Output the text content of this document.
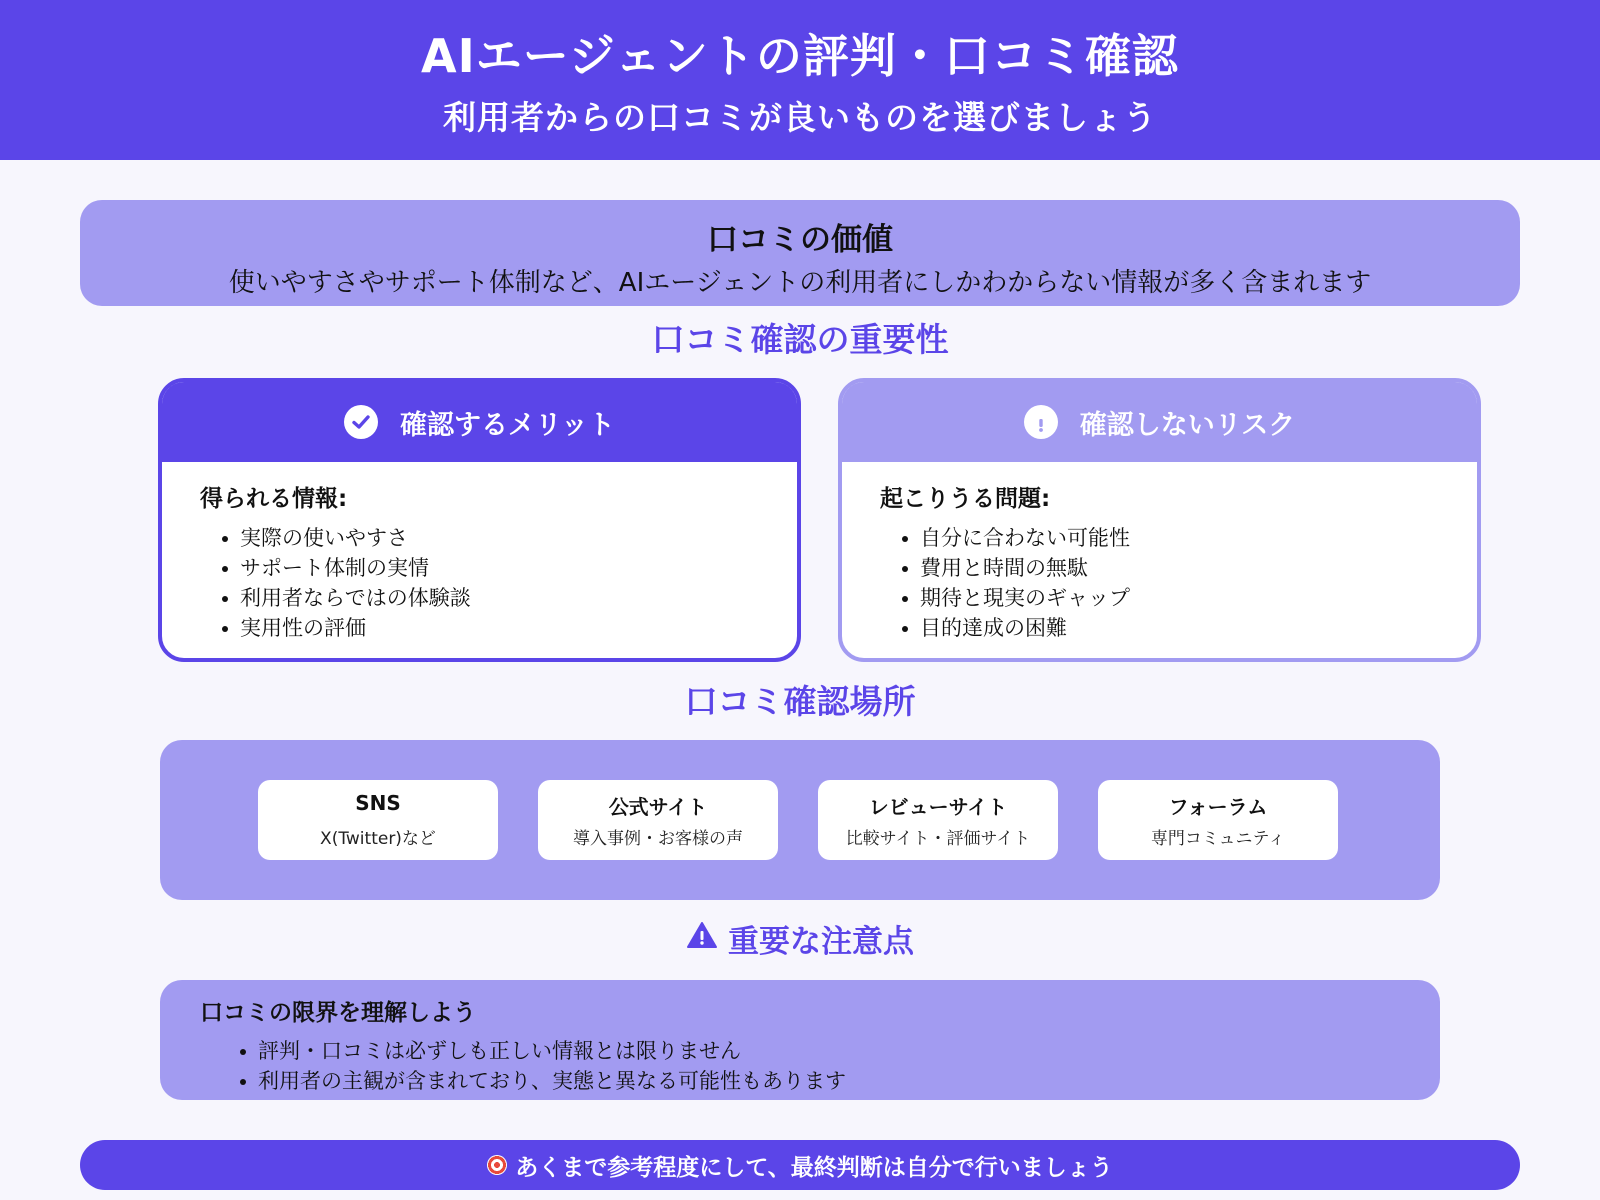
AIエージェントの評判・口コミ確認
利用者からの口コミが良いものを選びましょう
口コミの価値
使いやすさやサポート体制など、AIエージェントの利用者にしかわからない情報が多く含まれます
口コミ確認の重要性
確認するメリット
得られる情報:
実際の使いやすさ
サポート体制の実情
利用者ならではの体験談
実用性の評価
確認しないリスク
起こりうる問題:
自分に合わない可能性
費用と時間の無駄
期待と現実のギャップ
目的達成の困難
口コミ確認場所
SNS
X(Twitter)など
公式サイト
導入事例・お客様の声
レビューサイト
比較サイト・評価サイト
フォーラム
専門コミュニティ
重要な注意点
口コミの限界を理解しよう
評判・口コミは必ずしも正しい情報とは限りません
利用者の主観が含まれており、実態と異なる可能性もあります
あくまで参考程度にして、最終判断は自分で行いましょう
